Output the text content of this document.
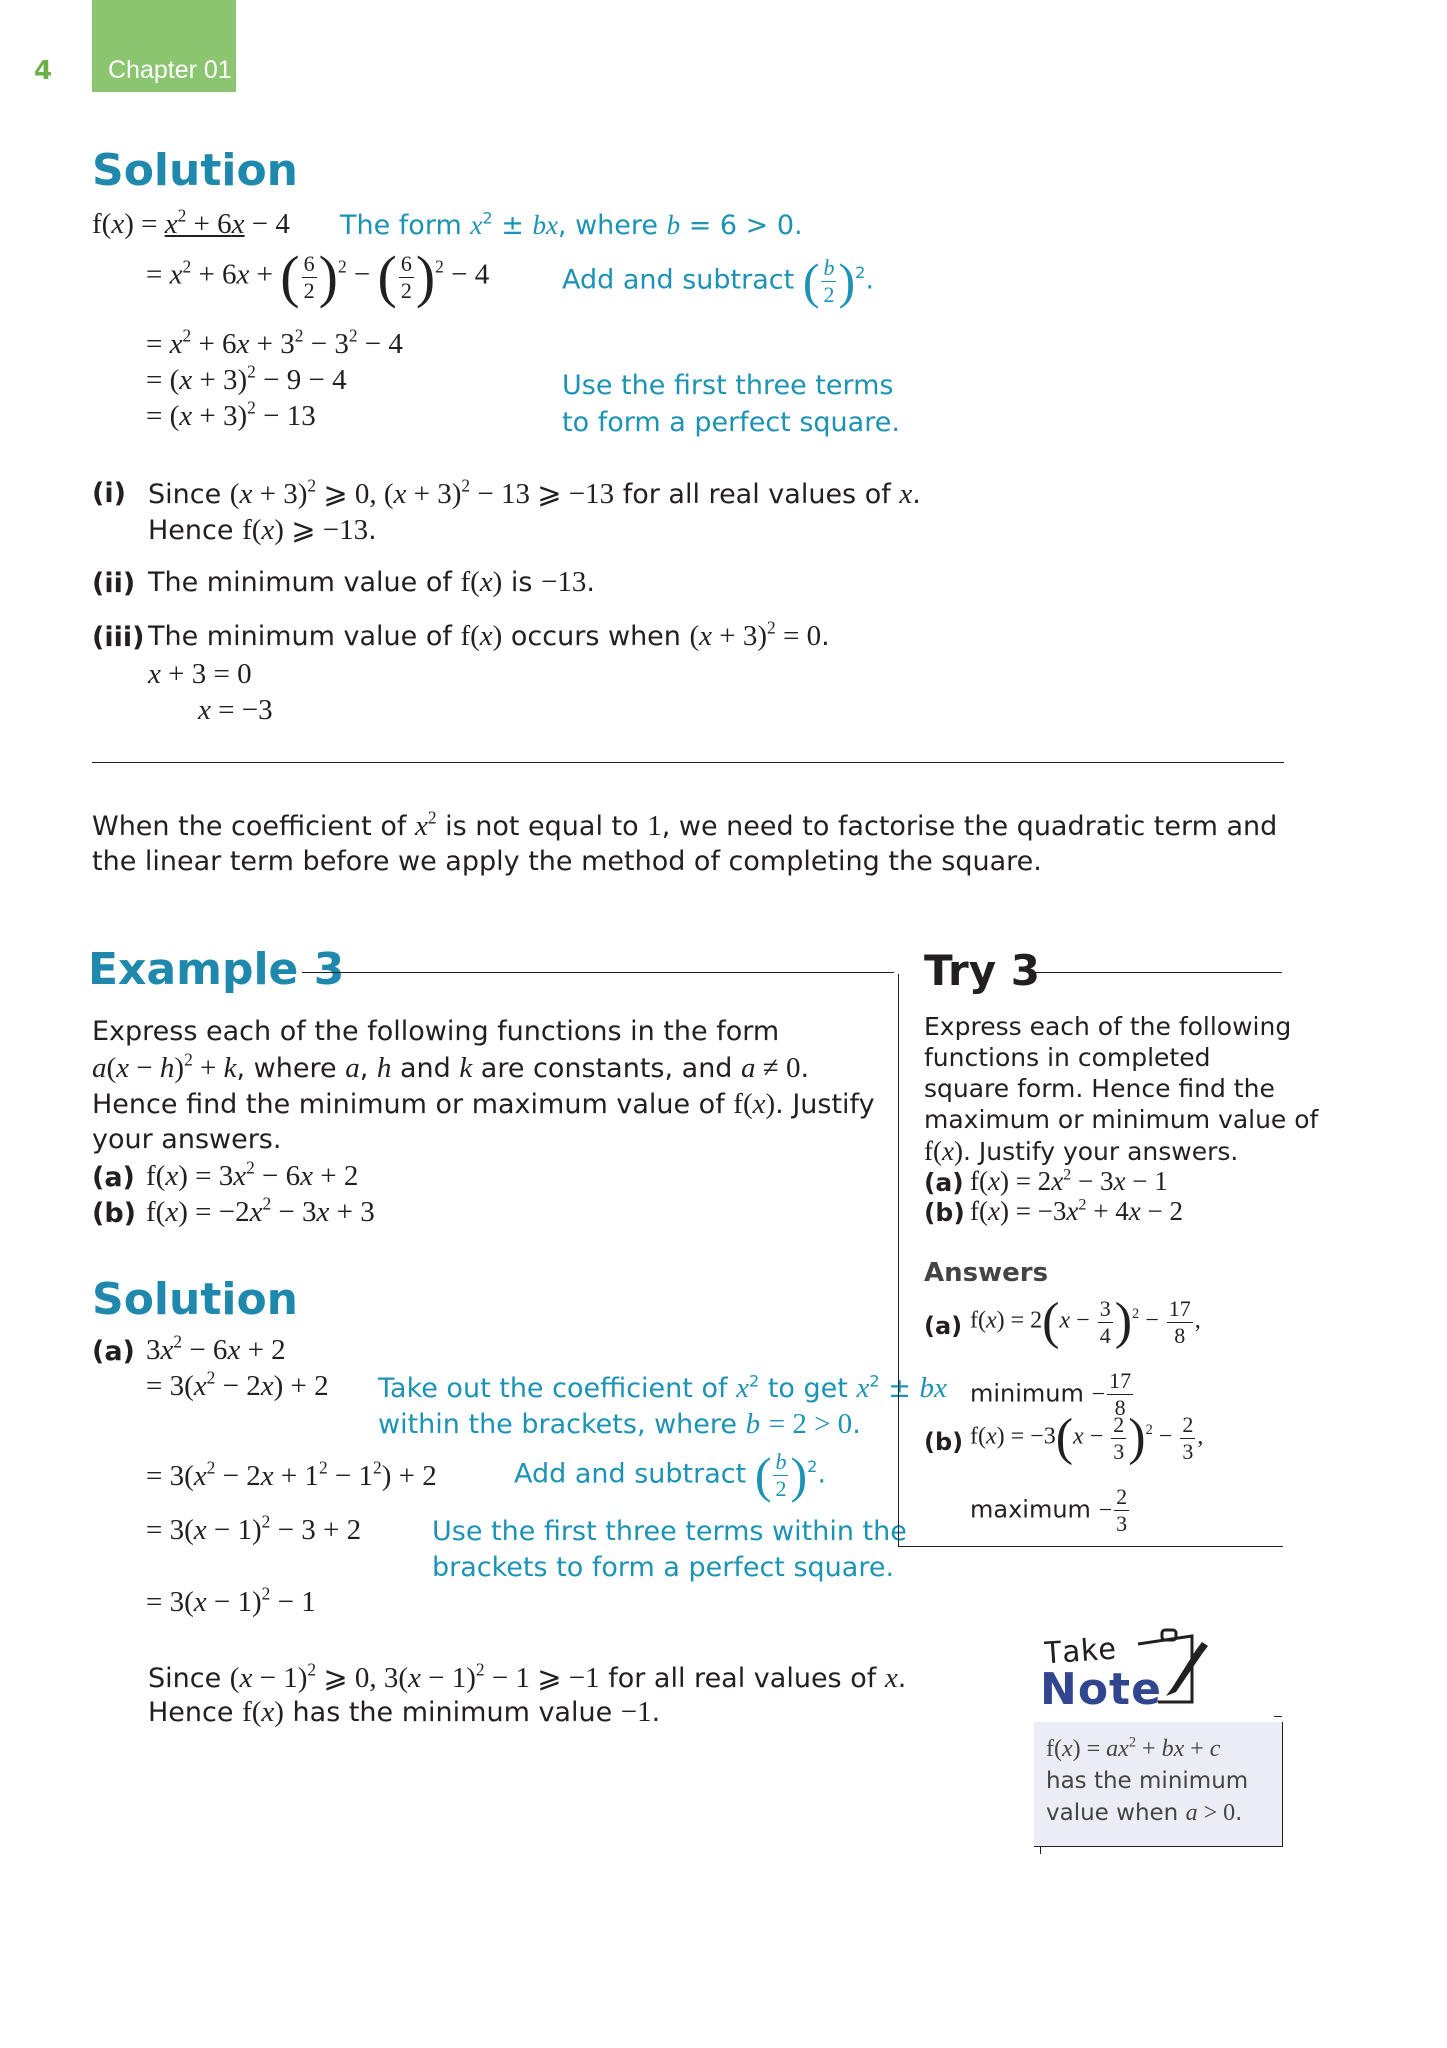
4 Chapter 01
Solution
$f(x) = x^2 + 6x - 4$ The form $x^2$ ± bx, where b = 6 > 0.
= $x^2 + 6x$ + ( $\frac{6}{2} )^2$ − ( $\frac{6}{2} )^2 - 4$	Add and subtract ( $\frac{b}{2} )^2$.
= $x^2 + 6x + 3^2 - 3^2 - 4$
= $(x + 3)^2 - 9 - 4$
= $(x + 3)^2 - 13$
Use the first three terms
to form a perfect square.
(i) Since $(x + 3)^2$ ⩾ 0, $(x + 3)^2 - 13$ ⩾ −13 for all real values of x.
Hence f(x) ⩾ −13.
(ii) The minimum value of f(x) is −13.
(iii) The minimum value of f(x) occurs when $(x + 3)^2 = 0$.
x + 3 = 0
x = −3
When the coefficient of $x^2$ is not equal to 1, we need to factorise the quadratic term and
the linear term before we apply the method of completing the square.
Example 3
Express each of the following functions in the form
$a(x - h)^2 + k$, where a, h and k are constants, and a ≠ 0.
Hence find the minimum or maximum value of f(x). Justify
your answers.
(a) $f(x) = 3x^2 - 6x + 2$
(b) $f(x) = -2x^2 - 3x + 3$
Solution
(a) $3x^2 - 6x + 2$
= $3(x^2 - 2x) + 2$ Take out the coefficient of $x^2$ to get $x^2$ ± bx
within the brackets, where b = 2 > 0.
= $3(x^2 - 2x + 1^2 - 1^2) + 2$	Add and subtract ( $\frac{b}{2} )^2$.
= $3(x - 1)^2 - 3 + 2$	Use the first three terms within the
brackets to form a perfect square.
= $3(x - 1)^2 - 1$
Since $(x - 1)^2$ ⩾ 0, $3(x - 1)^2 - 1$ ⩾ −1 for all real values of x.
Hence f(x) has the minimum value −1.
Try 3
Express each of the following
functions in completed
square form. Hence find the
maximum or minimum value of
f(x). Justify your answers.
(a) $f(x) = 2x^2 - 3x - 1$
(b) $f(x) = -3x^2 + 4x - 2$
Answers
(a) $f(x) = 2(x - \frac{3}{4} )^2 - \frac{17}{8}$ ,
minimum − $\frac{17}{8}$
(b) $f(x) = -3(x - \frac{2}{3} )^2 - \frac{2}{3}$ ,
maximum − $\frac{2}{3}$
Take
Note
$f(x) = ax^2$ + bx + c
has the minimum
value when a > 0.
